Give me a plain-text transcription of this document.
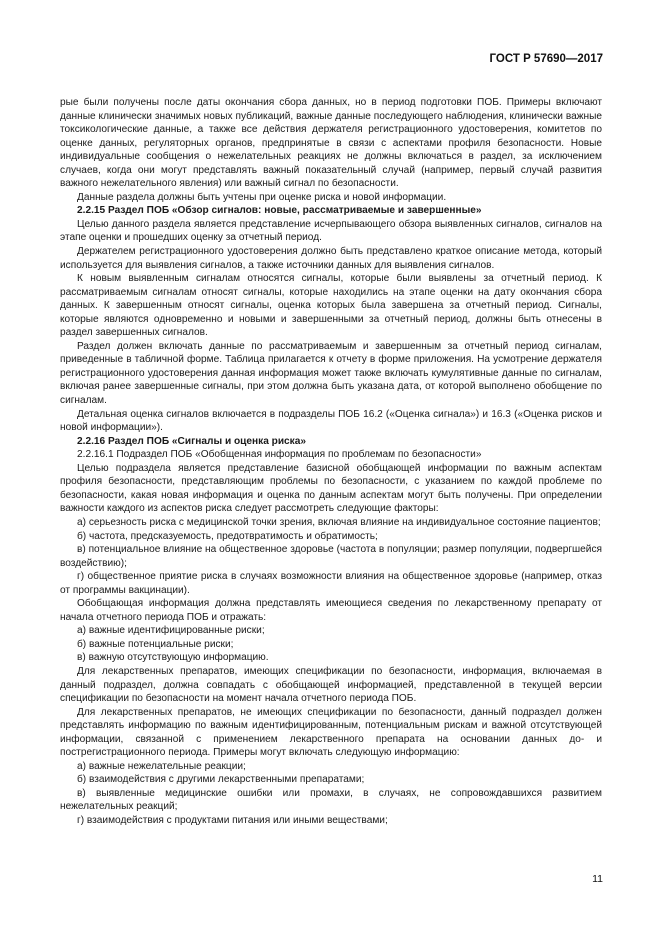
ГОСТ Р 57690—2017

рые были получены после даты окончания сбора данных, но в период подготовки ПОБ. Примеры включают данные клинически значимых новых публикаций, важные данные последующего наблюдения, клинически важные токсикологические данные, а также все действия держателя регистрационного удостоверения, комитетов по оценке данных, регуляторных органов, предпринятые в связи с аспектами профиля безопасности. Новые индивидуальные сообщения о нежелательных реакциях не должны включаться в раздел, за исключением случаев, когда они могут представлять важный показательный случай (например, первый случай развития важного нежелательного явления) или важный сигнал по безопасности.

Данные раздела должны быть учтены при оценке риска и новой информации.

2.2.15 Раздел ПОБ «Обзор сигналов: новые, рассматриваемые и завершенные»

Целью данного раздела является представление исчерпывающего обзора выявленных сигналов, сигналов на этапе оценки и прошедших оценку за отчетный период.

Держателем регистрационного удостоверения должно быть представлено краткое описание метода, который используется для выявления сигналов, а также источники данных для выявления сигналов.

К новым выявленным сигналам относятся сигналы, которые были выявлены за отчетный период. К рассматриваемым сигналам относят сигналы, которые находились на этапе оценки на дату окончания сбора данных. К завершенным относят сигналы, оценка которых была завершена за отчетный период. Сигналы, которые являются одновременно и новыми и завершенными за отчетный период, должны быть отнесены в раздел завершенных сигналов.

Раздел должен включать данные по рассматриваемым и завершенным за отчетный период сигналам, приведенные в табличной форме. Таблица прилагается к отчету в форме приложения. На усмотрение держателя регистрационного удостоверения данная информация может также включать кумулятивные данные по сигналам, включая ранее завершенные сигналы, при этом должна быть указана дата, от которой выполнено обобщение по сигналам.

Детальная оценка сигналов включается в подразделы ПОБ 16.2 («Оценка сигнала») и 16.3 («Оценка рисков и новой информации»).

2.2.16 Раздел ПОБ «Сигналы и оценка риска»

2.2.16.1 Подраздел ПОБ «Обобщенная информация по проблемам по безопасности»

Целью подраздела является представление базисной обобщающей информации по важным аспектам профиля безопасности, представляющим проблемы по безопасности, с указанием по каждой проблеме по безопасности, какая новая информация и оценка по данным аспектам могут быть получены. При определении важности каждого из аспектов риска следует рассмотреть следующие факторы:

а) серьезность риска с медицинской точки зрения, включая влияние на индивидуальное состояние пациентов;

б) частота, предсказуемость, предотвратимость и обратимость;

в) потенциальное влияние на общественное здоровье (частота в популяции; размер популяции, подвергшейся воздействию);

г) общественное приятие риска в случаях возможности влияния на общественное здоровье (например, отказ от программы вакцинации).

Обобщающая информация должна представлять имеющиеся сведения по лекарственному препарату от начала отчетного периода ПОБ и отражать:

а) важные идентифицированные риски;

б) важные потенциальные риски;

в) важную отсутствующую информацию.

Для лекарственных препаратов, имеющих спецификации по безопасности, информация, включаемая в данный подраздел, должна совпадать с обобщающей информацией, представленной в текущей версии спецификации по безопасности на момент начала отчетного периода ПОБ.

Для лекарственных препаратов, не имеющих спецификации по безопасности, данный подраздел должен представлять информацию по важным идентифицированным, потенциальным рискам и важной отсутствующей информации, связанной с применением лекарственного препарата на основании данных до- и пострегистрационного периода. Примеры могут включать следующую информацию:

а) важные нежелательные реакции;

б) взаимодействия с другими лекарственными препаратами;

в) выявленные медицинские ошибки или промахи, в случаях, не сопровождавшихся развитием нежелательных реакций;

г) взаимодействия с продуктами питания или иными веществами;

11
